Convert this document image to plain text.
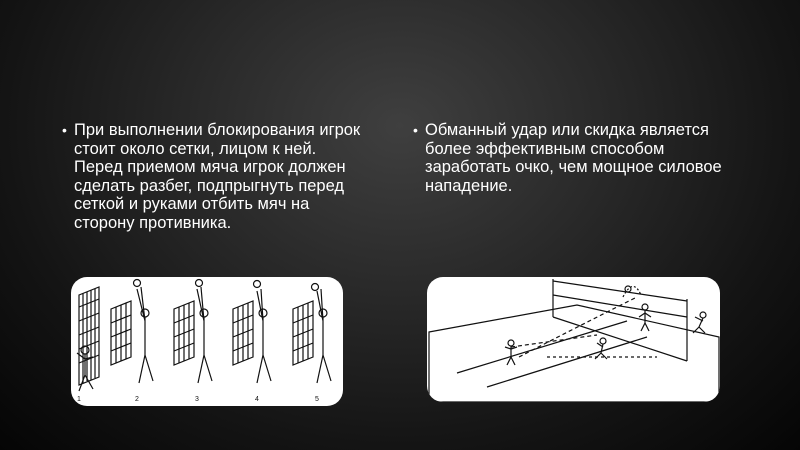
• При выполнении блокирования игрок стоит около сетки, лицом к ней. Перед приемом мяча игрок должен сделать разбег, подпрыгнуть перед сеткой и руками отбить мяч на сторону противника.
• Обманный удар или скидка является более эффективным способом заработать очко, чем мощное силовое нападение.
1	2	3	4	5
